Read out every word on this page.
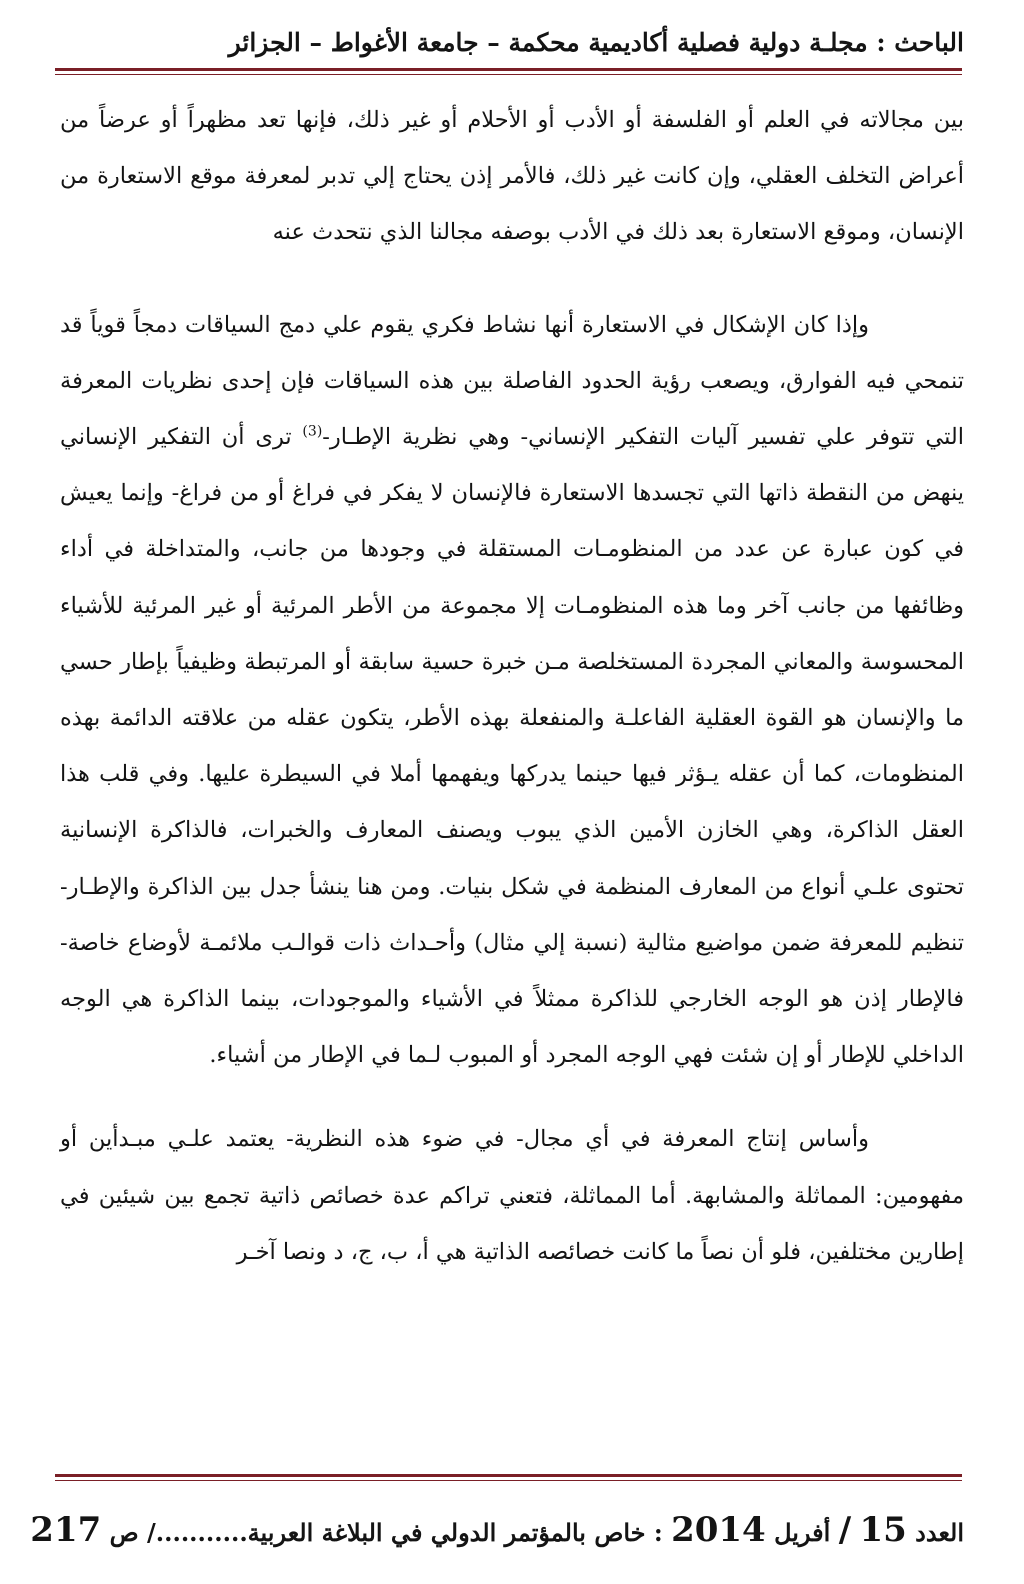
الباحث : مجلـة دولية فصلية أكاديمية محكمة – جامعة الأغواط – الجزائر

بين مجالاته في العلم أو الفلسفة أو الأدب أو الأحلام أو غير ذلك، فإنها تعد مظهراً أو عرضاً من أعراض التخلف العقلي، وإن كانت غير ذلك، فالأمر إذن يحتاج إلي تدبر لمعرفة موقع الاستعارة من الإنسان، وموقع الاستعارة بعد ذلك في الأدب بوصفه مجالنا الذي نتحدث عنه

وإذا كان الإشكال في الاستعارة أنها نشاط فكري يقوم علي دمج السياقات دمجاً قوياً قد تنمحي فيه الفوارق، ويصعب رؤية الحدود الفاصلة بين هذه السياقات فإن إحدى نظريات المعرفة التي تتوفر علي تفسير آليات التفكير الإنساني- وهي نظرية الإطـار-$^{(3)}$ ترى أن التفكير الإنساني ينهض من النقطة ذاتها التي تجسدها الاستعارة فالإنسان لا يفكر في فراغ أو من فراغ- وإنما يعيش في كون عبارة عن عدد من المنظومـات المستقلة في وجودها من جانب، والمتداخلة في أداء وظائفها من جانب آخر وما هذه المنظومـات إلا مجموعة من الأطر المرئية أو غير المرئية للأشياء المحسوسة والمعاني المجردة المستخلصة مـن خبرة حسية سابقة أو المرتبطة وظيفياً بإطار حسي ما والإنسان هو القوة العقلية الفاعلـة والمنفعلة بهذه الأطر، يتكون عقله من علاقته الدائمة بهذه المنظومات، كما أن عقله يـؤثر فيها حينما يدركها ويفهمها أملا في السيطرة عليها. وفي قلب هذا العقل الذاكرة، وهي الخازن الأمين الذي يبوب ويصنف المعارف والخبرات، فالذاكرة الإنسانية تحتوى علـي أنواع من المعارف المنظمة في شكل بنيات. ومن هنا ينشأ جدل بين الذاكرة والإطـار- تنظيم للمعرفة ضمن مواضيع مثالية (نسبة إلي مثال) وأحـداث ذات قوالـب ملائمـة لأوضاع خاصة- فالإطار إذن هو الوجه الخارجي للذاكرة ممثلاً في الأشياء والموجودات، بينما الذاكرة هي الوجه الداخلي للإطار أو إن شئت فهي الوجه المجرد أو المبوب لـما في الإطار من أشياء.

وأساس إنتاج المعرفة في أي مجال- في ضوء هذه النظرية- يعتمد علـي مبـدأين أو مفهومين: المماثلة والمشابهة. أما المماثلة، فتعني تراكم عدة خصائص ذاتية تجمع بين شيئين في إطارين مختلفين، فلو أن نصاً ما كانت خصائصه الذاتية هي أ، ب، ج، د ونصا آخـر

العدد 15 / أفريل 2014 : خاص بالمؤتمر الدولي في البلاغة العربية.........../ ص 217
